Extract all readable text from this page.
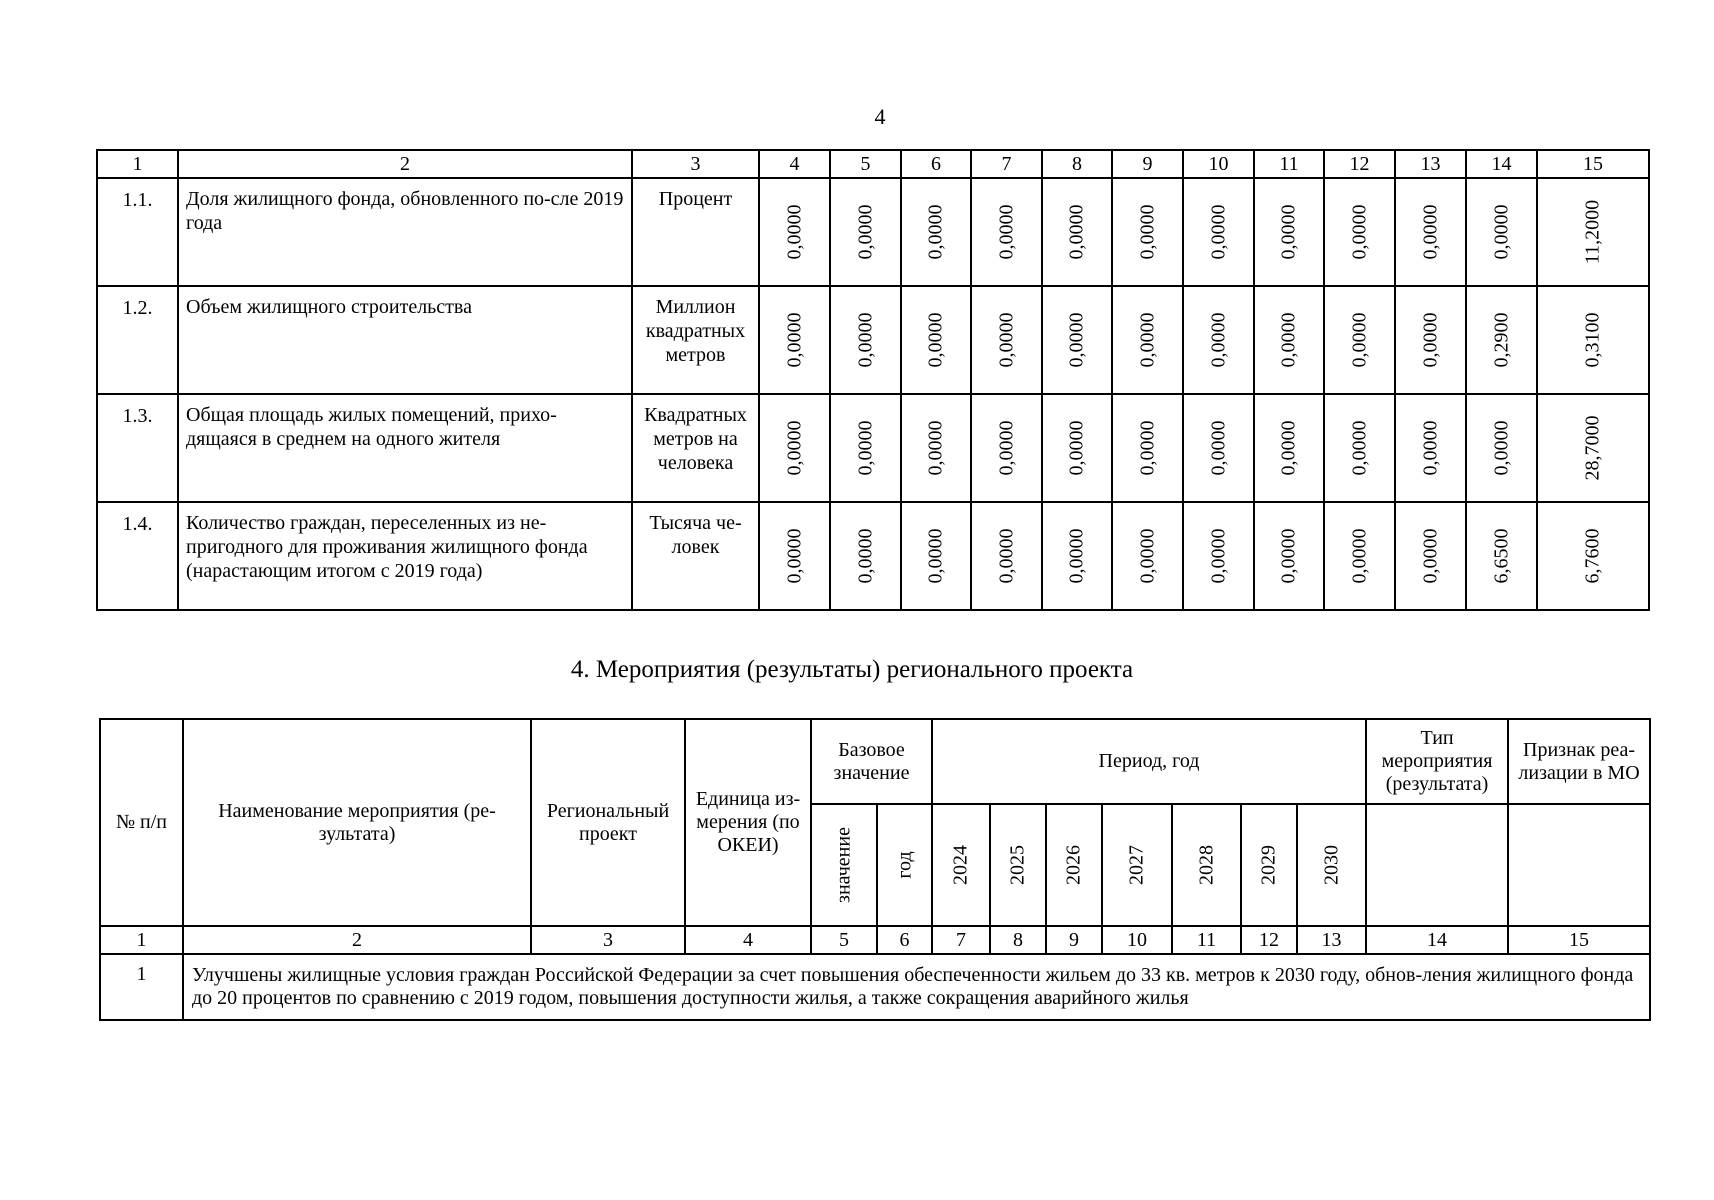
4
1	2	3	4	5	6	7	8	9	10	11	12	13	14	15
1.1.	Доля жилищного фонда, обновленного по-сле 2019 года	Процент	0,0000	0,0000	0,0000	0,0000	0,0000	0,0000	0,0000	0,0000	0,0000	0,0000	0,0000	11,2000

1.2.	Объем жилищного строительства	Миллион квадратных метров	0,0000	0,0000	0,0000	0,0000	0,0000	0,0000	0,0000	0,0000	0,0000	0,0000	0,2900	0,3100

1.3.	Общая площадь жилых помещений, прихо-дящаяся в среднем на одного жителя	Квадратных метров на человека	0,0000	0,0000	0,0000	0,0000	0,0000	0,0000	0,0000	0,0000	0,0000	0,0000	0,0000	28,7000

1.4.	Количество граждан, переселенных из не-пригодного для проживания жилищного фонда (нарастающим итогом с 2019 года)	Тысяча че-ловек	0,0000	0,0000	0,0000	0,0000	0,0000	0,0000	0,0000	0,0000	0,0000	0,0000	6,6500	6,7600
4. Мероприятия (результаты) регионального проекта
№ п/п	Наименование мероприятия (ре-зультата)	Региональный проект	Единица из-мерения (по ОКЕИ)	Базовое значение		Период, год							Тип мероприятия (результата)	Признак реа-лизации в МО

				значение	год	2024	2025	2026	2027	2028	2029	2030		

1	2	3	4	5	6	7	8	9	10	11	12	13	14	15
1	Улучшены жилищные условия граждан Российской Федерации за счет повышения обеспеченности жильем до 33 кв. метров к 2030 году, обнов-ления жилищного фонда до 20 процентов по сравнению с 2019 годом, повышения доступности жилья, а также сокращения аварийного жилья													
